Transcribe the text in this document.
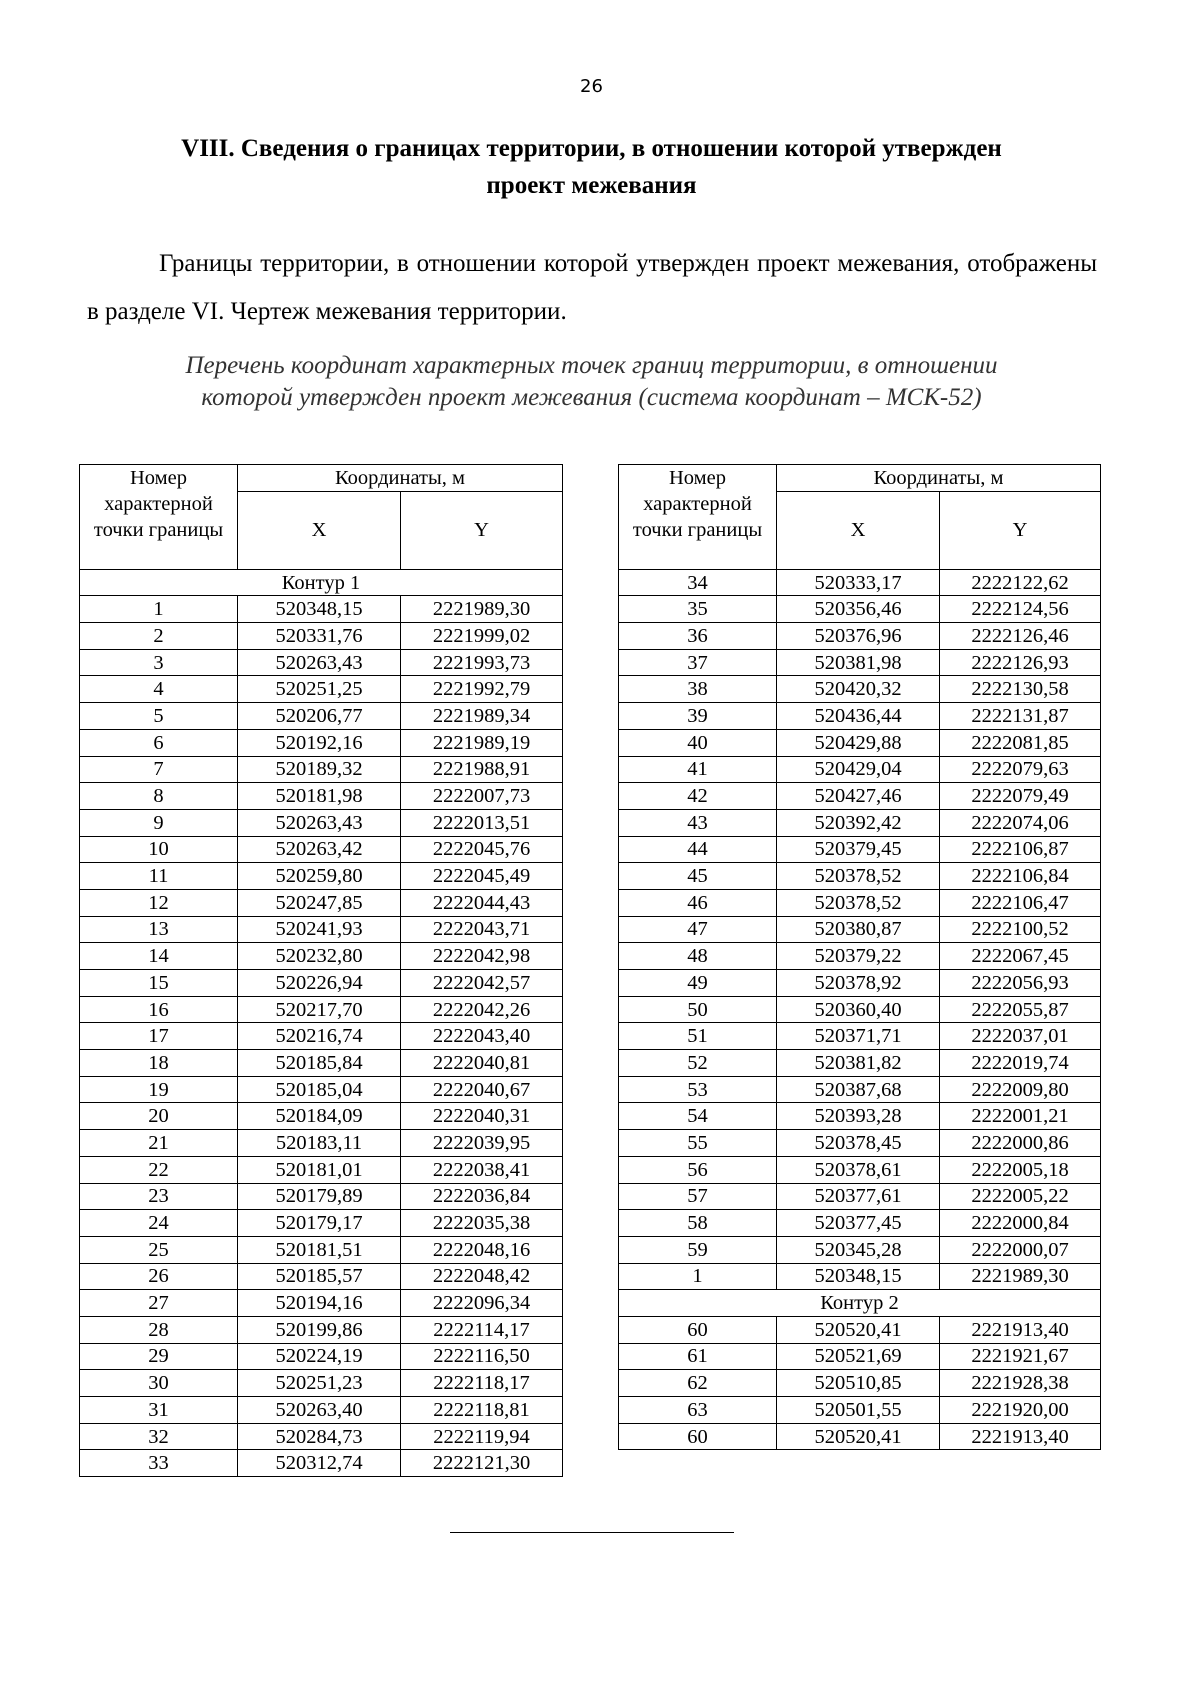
26
VIII. Сведения о границах территории, в отношении которой утвержден
проект межевания
Границы территории, в отношении которой утвержден проект межевания, отображены в разделе VI. Чертеж межевания территории.
Перечень координат характерных точек границ территории, в отношении
которой утвержден проект межевания (система координат – МСК-52)
Номер характерной точки границы	Координаты, м	
	X	Y
Контур 1		
1	520348,15	2221989,30
2	520331,76	2221999,02
3	520263,43	2221993,73
4	520251,25	2221992,79
5	520206,77	2221989,34
6	520192,16	2221989,19
7	520189,32	2221988,91
8	520181,98	2222007,73
9	520263,43	2222013,51
10	520263,42	2222045,76
11	520259,80	2222045,49
12	520247,85	2222044,43
13	520241,93	2222043,71
14	520232,80	2222042,98
15	520226,94	2222042,57
16	520217,70	2222042,26
17	520216,74	2222043,40
18	520185,84	2222040,81
19	520185,04	2222040,67
20	520184,09	2222040,31
21	520183,11	2222039,95
22	520181,01	2222038,41
23	520179,89	2222036,84
24	520179,17	2222035,38
25	520181,51	2222048,16
26	520185,57	2222048,42
27	520194,16	2222096,34
28	520199,86	2222114,17
29	520224,19	2222116,50
30	520251,23	2222118,17
31	520263,40	2222118,81
32	520284,73	2222119,94
33	520312,74	2222121,30
Номер характерной точки границы	Координаты, м	
	X	Y
34	520333,17	2222122,62
35	520356,46	2222124,56
36	520376,96	2222126,46
37	520381,98	2222126,93
38	520420,32	2222130,58
39	520436,44	2222131,87
40	520429,88	2222081,85
41	520429,04	2222079,63
42	520427,46	2222079,49
43	520392,42	2222074,06
44	520379,45	2222106,87
45	520378,52	2222106,84
46	520378,52	2222106,47
47	520380,87	2222100,52
48	520379,22	2222067,45
49	520378,92	2222056,93
50	520360,40	2222055,87
51	520371,71	2222037,01
52	520381,82	2222019,74
53	520387,68	2222009,80
54	520393,28	2222001,21
55	520378,45	2222000,86
56	520378,61	2222005,18
57	520377,61	2222005,22
58	520377,45	2222000,84
59	520345,28	2222000,07
1	520348,15	2221989,30
Контур 2		
60	520520,41	2221913,40
61	520521,69	2221921,67
62	520510,85	2221928,38
63	520501,55	2221920,00
60	520520,41	2221913,40
